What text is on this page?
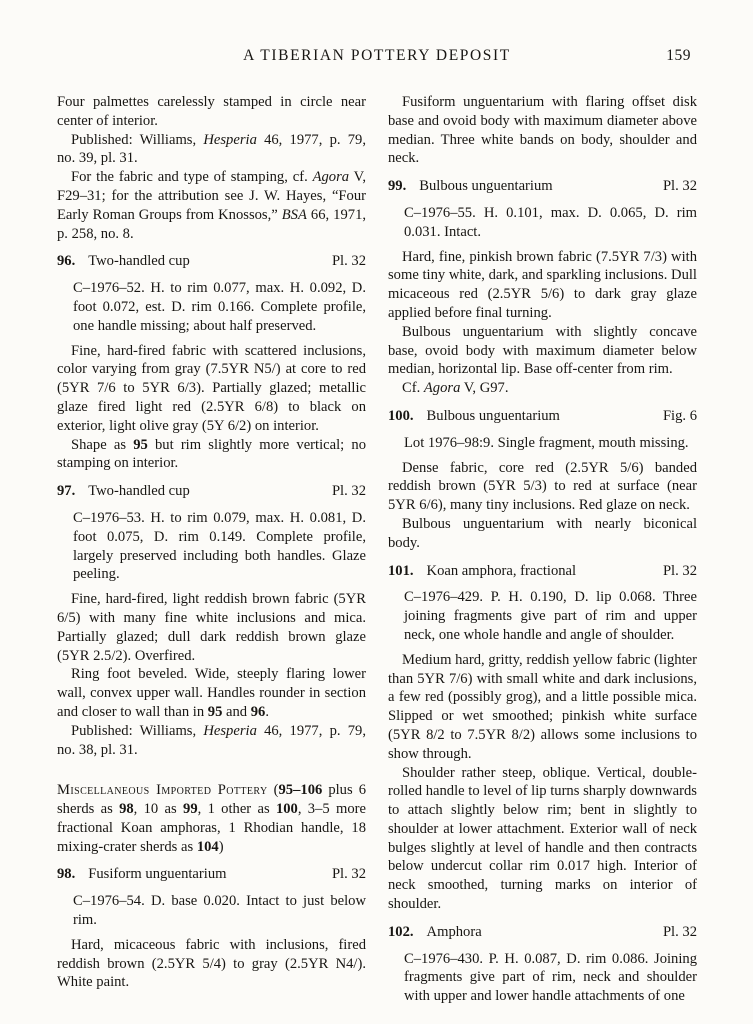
A TIBERIAN POTTERY DEPOSIT	159

Four palmettes carelessly stamped in circle near center of interior.

Published: Williams, Hesperia 46, 1977, p. 79, no. 39, pl. 31.

For the fabric and type of stamping, cf. Agora V, F29–31; for the attribution see J. W. Hayes, “Four Early Roman Groups from Knossos,” BSA 66, 1971, p. 258, no. 8.

96. Two-handled cup	Pl. 32

C–1976–52. H. to rim 0.077, max. H. 0.092, D. foot 0.072, est. D. rim 0.166. Complete profile, one handle missing; about half preserved.

Fine, hard-fired fabric with scattered inclusions, color varying from gray (7.5YR N5/) at core to red (5YR 7/6 to 5YR 6/3). Partially glazed; metallic glaze fired light red (2.5YR 6/8) to black on exterior, light olive gray (5Y 6/2) on interior.

Shape as 95 but rim slightly more vertical; no stamping on interior.

97. Two-handled cup	Pl. 32

C–1976–53. H. to rim 0.079, max. H. 0.081, D. foot 0.075, D. rim 0.149. Complete profile, largely preserved including both handles. Glaze peeling.

Fine, hard-fired, light reddish brown fabric (5YR 6/5) with many fine white inclusions and mica. Partially glazed; dull dark reddish brown glaze (5YR 2.5/2). Overfired.

Ring foot beveled. Wide, steeply flaring lower wall, convex upper wall. Handles rounder in section and closer to wall than in 95 and 96.

Published: Williams, Hesperia 46, 1977, p. 79, no. 38, pl. 31.

Miscellaneous Imported Pottery (95–106 plus 6 sherds as 98, 10 as 99, 1 other as 100, 3–5 more fractional Koan amphoras, 1 Rhodian handle, 18 mixing-crater sherds as 104)

98. Fusiform unguentarium	Pl. 32

C–1976–54. D. base 0.020. Intact to just below rim.

Hard, micaceous fabric with inclusions, fired reddish brown (2.5YR 5/4) to gray (2.5YR N4/). White paint.

Fusiform unguentarium with flaring offset disk base and ovoid body with maximum diameter above median. Three white bands on body, shoulder and neck.

99. Bulbous unguentarium	Pl. 32

C–1976–55. H. 0.101, max. D. 0.065, D. rim 0.031. Intact.

Hard, fine, pinkish brown fabric (7.5YR 7/3) with some tiny white, dark, and sparkling inclusions. Dull micaceous red (2.5YR 5/6) to dark gray glaze applied before final turning.

Bulbous unguentarium with slightly concave base, ovoid body with maximum diameter below median, horizontal lip. Base off-center from rim.

Cf. Agora V, G97.

100. Bulbous unguentarium	Fig. 6

Lot 1976–98:9. Single fragment, mouth missing.

Dense fabric, core red (2.5YR 5/6) banded reddish brown (5YR 5/3) to red at surface (near 5YR 6/6), many tiny inclusions. Red glaze on neck.

Bulbous unguentarium with nearly biconical body.

101. Koan amphora, fractional	Pl. 32

C–1976–429. P. H. 0.190, D. lip 0.068. Three joining fragments give part of rim and upper neck, one whole handle and angle of shoulder.

Medium hard, gritty, reddish yellow fabric (lighter than 5YR 7/6) with small white and dark inclusions, a few red (possibly grog), and a little possible mica. Slipped or wet smoothed; pinkish white surface (5YR 8/2 to 7.5YR 8/2) allows some inclusions to show through.

Shoulder rather steep, oblique. Vertical, double-rolled handle to level of lip turns sharply downwards to attach slightly below rim; bent in slightly to shoulder at lower attachment. Exterior wall of neck bulges slightly at level of handle and then contracts below undercut collar rim 0.017 high. Interior of neck smoothed, turning marks on interior of shoulder.

102. Amphora	Pl. 32

C–1976–430. P. H. 0.087, D. rim 0.086. Joining fragments give part of rim, neck and shoulder with upper and lower handle attachments of one
